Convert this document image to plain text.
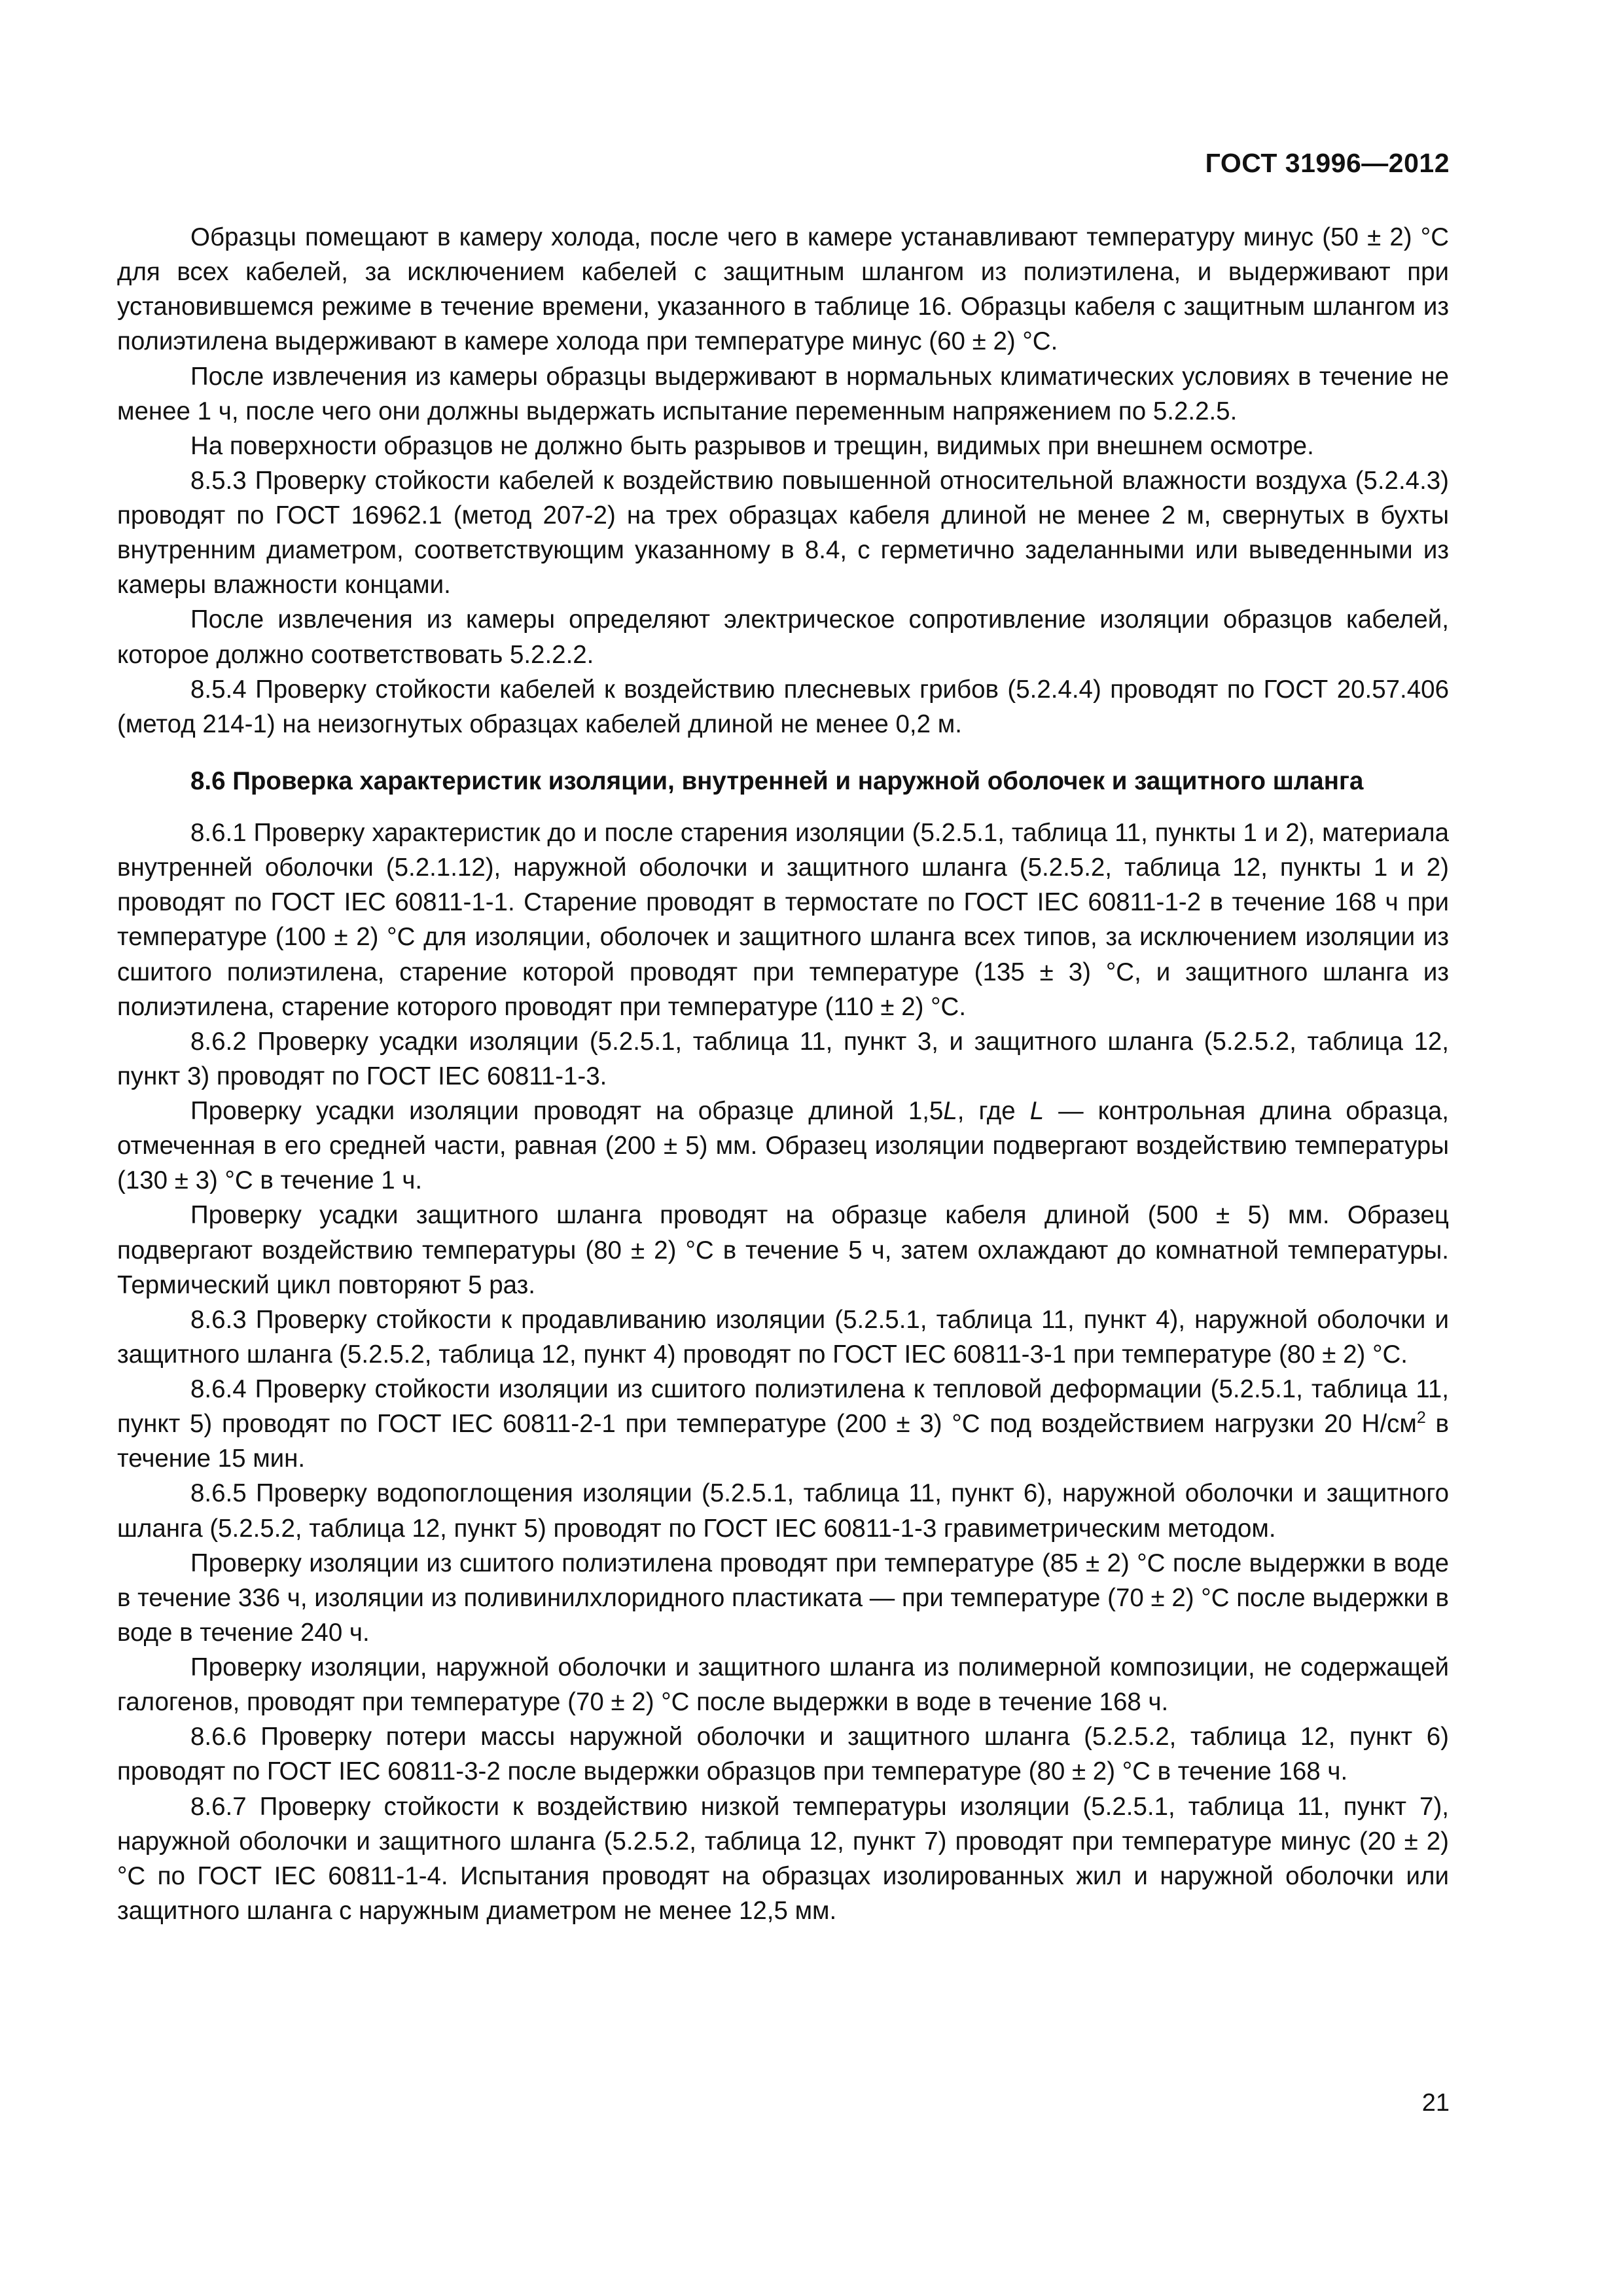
ГОСТ 31996—2012

Образцы помещают в камеру холода, после чего в камере устанавливают температуру минус (50 ± 2) °С для всех кабелей, за исключением кабелей с защитным шлангом из полиэтилена, и выдерживают при установившемся режиме в течение времени, указанного в таблице 16. Образцы кабеля с защитным шлангом из полиэтилена выдерживают в камере холода при температуре минус (60 ± 2) °С.

После извлечения из камеры образцы выдерживают в нормальных климатических условиях в течение не менее 1 ч, после чего они должны выдержать испытание переменным напряжением по 5.2.2.5.

На поверхности образцов не должно быть разрывов и трещин, видимых при внешнем осмотре.

8.5.3 Проверку стойкости кабелей к воздействию повышенной относительной влажности воздуха (5.2.4.3) проводят по ГОСТ 16962.1 (метод 207-2) на трех образцах кабеля длиной не менее 2 м, свернутых в бухты внутренним диаметром, соответствующим указанному в 8.4, с герметично заделанными или выведенными из камеры влажности концами.

После извлечения из камеры определяют электрическое сопротивление изоляции образцов кабелей, которое должно соответствовать 5.2.2.2.

8.5.4 Проверку стойкости кабелей к воздействию плесневых грибов (5.2.4.4) проводят по ГОСТ 20.57.406 (метод 214-1) на неизогнутых образцах кабелей длиной не менее 0,2 м.

8.6 Проверка характеристик изоляции, внутренней и наружной оболочек и защитного шланга

8.6.1 Проверку характеристик до и после старения изоляции (5.2.5.1, таблица 11, пункты 1 и 2), материала внутренней оболочки (5.2.1.12), наружной оболочки и защитного шланга (5.2.5.2, таблица 12, пункты 1 и 2) проводят по ГОСТ IEC 60811-1-1. Старение проводят в термостате по ГОСТ IEC 60811-1-2 в течение 168 ч при температуре (100 ± 2) °С для изоляции, оболочек и защитного шланга всех типов, за исключением изоляции из сшитого полиэтилена, старение которой проводят при температуре (135 ± 3) °С, и защитного шланга из полиэтилена, старение которого проводят при температуре (110 ± 2) °С.

8.6.2 Проверку усадки изоляции (5.2.5.1, таблица 11, пункт 3, и защитного шланга (5.2.5.2, таблица 12, пункт 3) проводят по ГОСТ IEC 60811-1-3.

Проверку усадки изоляции проводят на образце длиной 1,5L, где L — контрольная длина образца, отмеченная в его средней части, равная (200 ± 5) мм. Образец изоляции подвергают воздействию температуры (130 ± 3) °С в течение 1 ч.

Проверку усадки защитного шланга проводят на образце кабеля длиной (500 ± 5) мм. Образец подвергают воздействию температуры (80 ± 2) °С в течение 5 ч, затем охлаждают до комнатной температуры. Термический цикл повторяют 5 раз.

8.6.3 Проверку стойкости к продавливанию изоляции (5.2.5.1, таблица 11, пункт 4), наружной оболочки и защитного шланга (5.2.5.2, таблица 12, пункт 4) проводят по ГОСТ IEC 60811-3-1 при температуре (80 ± 2) °С.

8.6.4 Проверку стойкости изоляции из сшитого полиэтилена к тепловой деформации (5.2.5.1, таблица 11, пункт 5) проводят по ГОСТ IEC 60811-2-1 при температуре (200 ± 3) °С под воздействием нагрузки 20 $Н/см^2$ в течение 15 мин.

8.6.5 Проверку водопоглощения изоляции (5.2.5.1, таблица 11, пункт 6), наружной оболочки и защитного шланга (5.2.5.2, таблица 12, пункт 5) проводят по ГОСТ IEC 60811-1-3 гравиметрическим методом.

Проверку изоляции из сшитого полиэтилена проводят при температуре (85 ± 2) °С после выдержки в воде в течение 336 ч, изоляции из поливинилхлоридного пластиката — при температуре (70 ± 2) °С после выдержки в воде в течение 240 ч.

Проверку изоляции, наружной оболочки и защитного шланга из полимерной композиции, не содержащей галогенов, проводят при температуре (70 ± 2) °С после выдержки в воде в течение 168 ч.

8.6.6 Проверку потери массы наружной оболочки и защитного шланга (5.2.5.2, таблица 12, пункт 6) проводят по ГОСТ IEC 60811-3-2 после выдержки образцов при температуре (80 ± 2) °С в течение 168 ч.

8.6.7 Проверку стойкости к воздействию низкой температуры изоляции (5.2.5.1, таблица 11, пункт 7), наружной оболочки и защитного шланга (5.2.5.2, таблица 12, пункт 7) проводят при температуре минус (20 ± 2) °С по ГОСТ IEC 60811-1-4. Испытания проводят на образцах изолированных жил и наружной оболочки или защитного шланга с наружным диаметром не менее 12,5 мм.

21
